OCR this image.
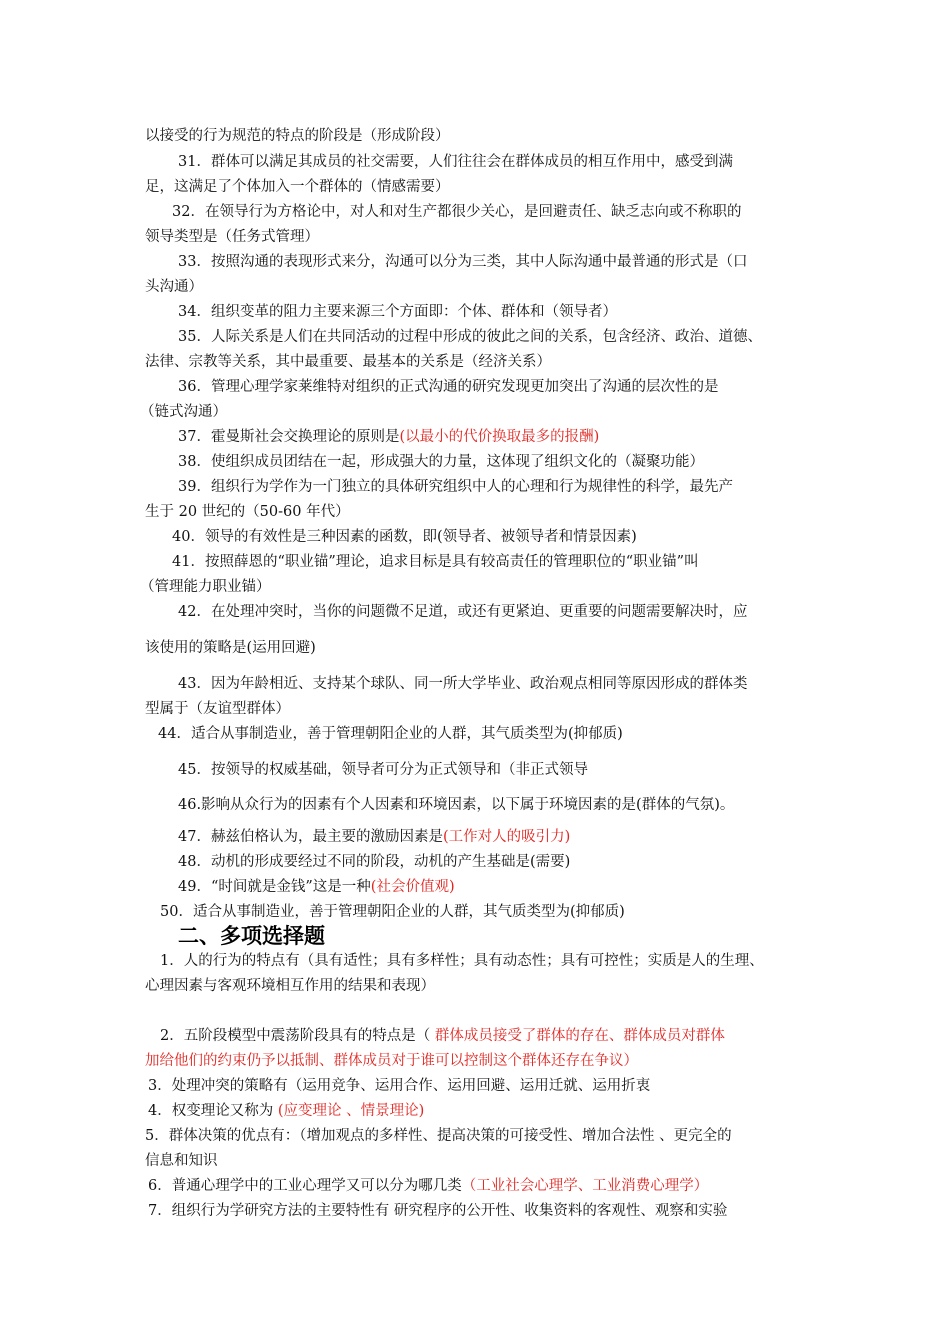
以接受的行为规范的特点的阶段是（形成阶段）
31．群体可以满足其成员的社交需要，人们往往会在群体成员的相互作用中，感受到满
足，这满足了个体加入一个群体的（情感需要）
32．在领导行为方格论中，对人和对生产都很少关心，是回避责任、缺乏志向或不称职的
领导类型是（任务式管理）
33．按照沟通的表现形式来分，沟通可以分为三类，其中人际沟通中最普通的形式是（口
头沟通）
34．组织变革的阻力主要来源三个方面即：个体、群体和（领导者）
35．人际关系是人们在共同活动的过程中形成的彼此之间的关系，包含经济、政治、道德、
法律、宗教等关系，其中最重要、最基本的关系是（经济关系）
36．管理心理学家莱维特对组织的正式沟通的研究发现更加突出了沟通的层次性的是
（链式沟通）
37．霍曼斯社会交换理论的原则是(以最小的代价换取最多的报酬)
38．使组织成员团结在一起，形成强大的力量，这体现了组织文化的（凝聚功能）
39．组织行为学作为一门独立的具体研究组织中人的心理和行为规律性的科学，最先产
生于 20 世纪的（50-60 年代）
40．领导的有效性是三种因素的函数，即(领导者、被领导者和情景因素)
41．按照薛恩的“职业锚”理论，追求目标是具有较高责任的管理职位的“职业锚”叫
（管理能力职业锚）
42．在处理冲突时，当你的问题微不足道，或还有更紧迫、更重要的问题需要解决时，应
该使用的策略是(运用回避)
43．因为年龄相近、支持某个球队、同一所大学毕业、政治观点相同等原因形成的群体类
型属于（友谊型群体）
44．适合从事制造业，善于管理朝阳企业的人群，其气质类型为(抑郁质)
45．按领导的权威基础，领导者可分为正式领导和（非正式领导
46.影响从众行为的因素有个人因素和环境因素，以下属于环境因素的是(群体的气氛)。
47．赫兹伯格认为，最主要的激励因素是(工作对人的吸引力)
48．动机的形成要经过不同的阶段，动机的产生基础是(需要)
49．“时间就是金钱”这是一种(社会价值观)
50．适合从事制造业，善于管理朝阳企业的人群，其气质类型为(抑郁质)
二、多项选择题
1．人的行为的特点有（具有适性；具有多样性；具有动态性；具有可控性；实质是人的生理、
心理因素与客观环境相互作用的结果和表现）
2．五阶段模型中震荡阶段具有的特点是（ 群体成员接受了群体的存在、群体成员对群体
加给他们的约束仍予以抵制、群体成员对于谁可以控制这个群体还存在争议）
3．处理冲突的策略有（运用竞争、运用合作、运用回避、运用迁就、运用折衷
4．权变理论又称为 (应变理论 、情景理论)
5．群体决策的优点有：（增加观点的多样性、提高决策的可接受性、增加合法性 、更完全的
信息和知识
6．普通心理学中的工业心理学又可以分为哪几类（工业社会心理学、工业消费心理学）
7．组织行为学研究方法的主要特性有 研究程序的公开性、收集资料的客观性、观察和实验
